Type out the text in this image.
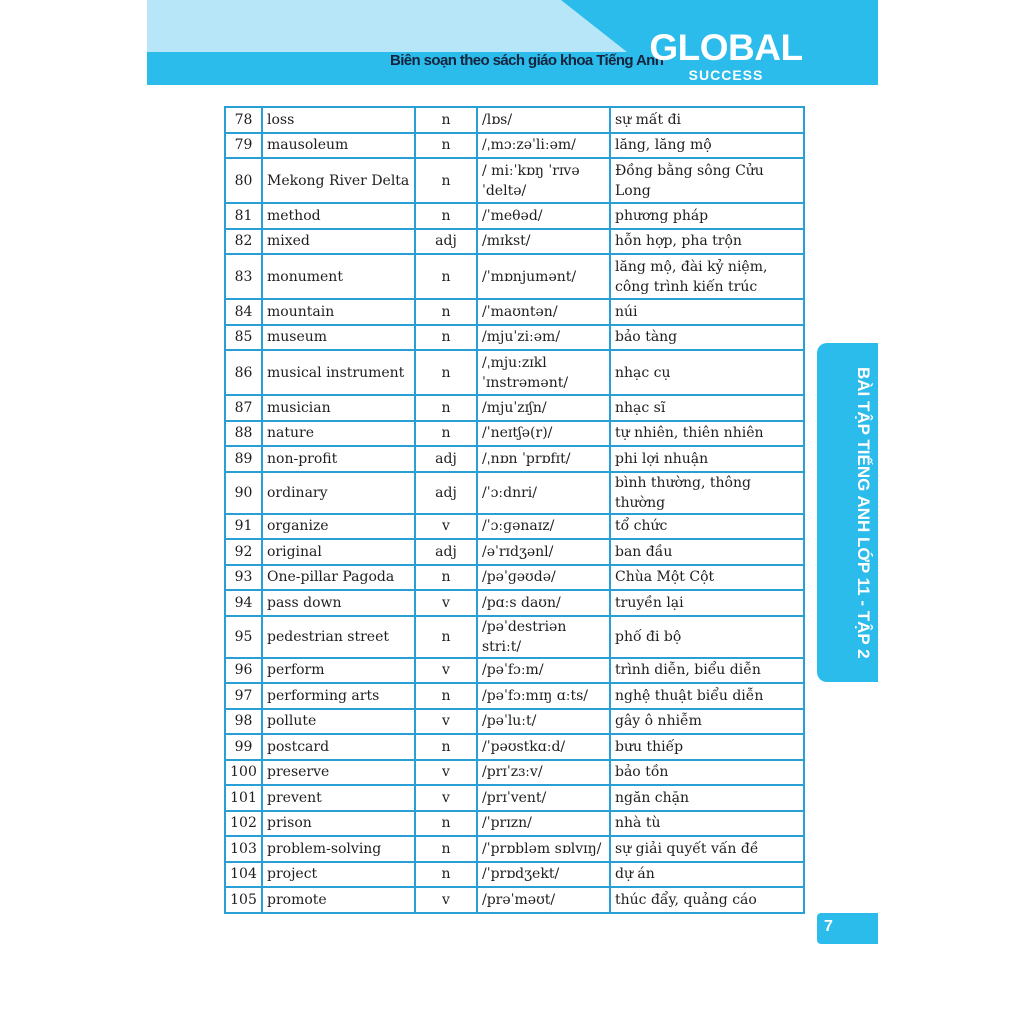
Biên soạn theo sách giáo khoa Tiếng Anh
GLOBAL
SUCCESS
78	loss	n	/lɒs/	sự mất đi
79	mausoleum	n	/ˌmɔːzəˈliːəm/	lăng, lăng mộ
80	Mekong River Delta	n	/ miːˈkɒŋ ˈrɪvə ˈdeltə/	Đồng bằng sông Cửu Long
81	method	n	/ˈmeθəd/	phương pháp
82	mixed	adj	/mɪkst/	hỗn hợp, pha trộn
83	monument	n	/ˈmɒnjumənt/	lăng mộ, đài kỷ niệm, công trình kiến trúc
84	mountain	n	/ˈmaʊntən/	núi
85	museum	n	/mjuˈziːəm/	bảo tàng
86	musical instrument	n	/ˌmjuːzɪkl ˈɪnstrəmənt/	nhạc cụ
87	musician	n	/mjuˈzɪʃn/	nhạc sĩ
88	nature	n	/ˈneɪtʃə(r)/	tự nhiên, thiên nhiên
89	non-profit	adj	/ˌnɒn ˈprɒfɪt/	phi lợi nhuận
90	ordinary	adj	/ˈɔːdnri/	bình thường, thông thường
91	organize	v	/ˈɔːɡənaɪz/	tổ chức
92	original	adj	/əˈrɪdʒənl/	ban đầu
93	One-pillar Pagoda	n	/pəˈɡəʊdə/	Chùa Một Cột
94	pass down	v	/pɑːs daʊn/	truyền lại
95	pedestrian street	n	/pəˈdestriən striːt/	phố đi bộ
96	perform	v	/pəˈfɔːm/	trình diễn, biểu diễn
97	performing arts	n	/pəˈfɔːmɪŋ ɑːts/	nghệ thuật biểu diễn
98	pollute	v	/pəˈluːt/	gây ô nhiễm
99	postcard	n	/ˈpəʊstkɑːd/	bưu thiếp
100	preserve	v	/prɪˈzɜːv/	bảo tồn
101	prevent	v	/prɪˈvent/	ngăn chặn
102	prison	n	/ˈprɪzn/	nhà tù
103	problem-solving	n	/ˈprɒbləm sɒlvɪŋ/	sự giải quyết vấn đề
104	project	n	/ˈprɒdʒekt/	dự án
105	promote	v	/prəˈməʊt/	thúc đẩy, quảng cáo
BÀI TẬP TIẾNG ANH LỚP 11 - TẬP 2
7
